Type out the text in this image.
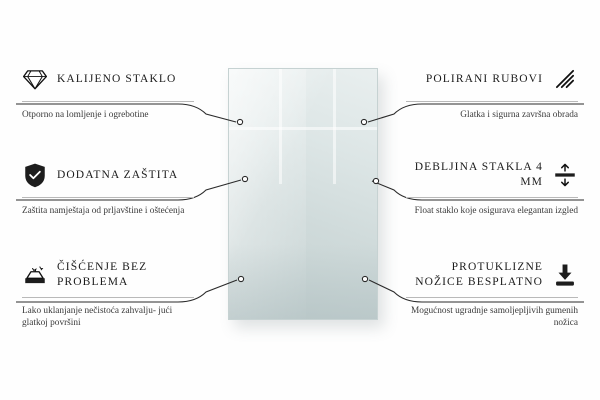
KALIJENO STAKLO
Otporno na lomljenje i ogrebotine
DODATNA ZAŠTITA
Zaštita namještaja od prljavštine i oštećenja
ČIŠĆENJE BEZ PROBLEMA
Lako uklanjanje nečistoća zahvalju- jući glatkoj površini
POLIRANI RUBOVI
Glatka i sigurna završna obrada
DEBLJINA STAKLA 4 MM
Float staklo koje osigurava elegantan izgled
PROTUKLIZNE NOŽICE BESPLATNO
Mogućnost ugradnje samoljepljivih gumenih nožica
